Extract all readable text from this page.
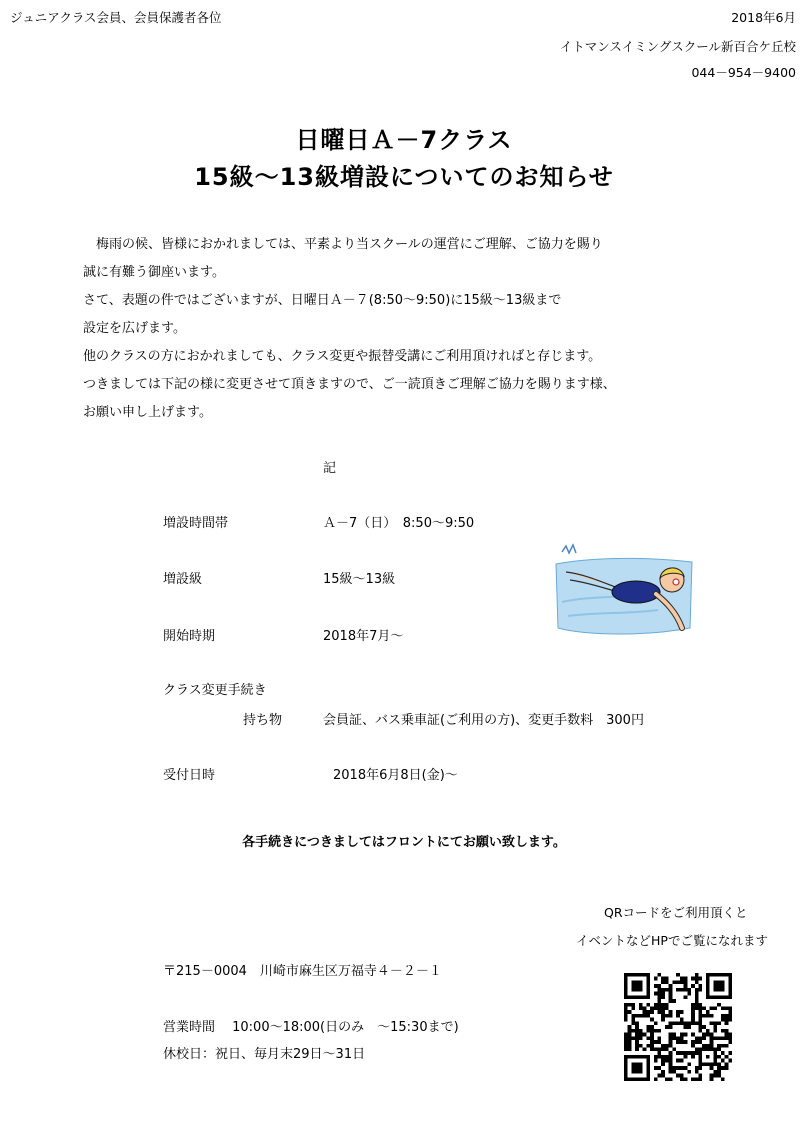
ジュニアクラス会員、会員保護者各位	2018年6月
イトマンスイミングスクール新百合ケ丘校
044－954－9400
日曜日Ａ－7クラス
15級～13級増設についてのお知らせ
梅雨の候、皆様におかれましては、平素より当スクールの運営にご理解、ご協力を賜り
誠に有難う御座います。
さて、表題の件ではございますが、日曜日Ａ－７(8:50～9:50)に15級～13級まで
設定を広げます。
他のクラスの方におかれましても、クラス変更や振替受講にご利用頂ければと存じます。
つきましては下記の様に変更させて頂きますので、ご一読頂きご理解ご協力を賜ります様、
お願い申し上げます。
記
増設時間帯	Ａ－7（日）　8:50～9:50
増設級	15級～13級
開始時期	2018年7月～
クラス変更手続き
持ち物	会員証、バス乗車証(ご利用の方)、変更手数料　300円
受付日時	2018年6月8日(金)～
各手続きにつきましてはフロントにてお願い致します。
QRコードをご利用頂くと
イベントなどHPでご覧になれます
〒215－0004　川崎市麻生区万福寺４－２－１
営業時間　 10:00～18:00(日のみ　～15:30まで)
休校日：祝日、毎月末29日～31日
